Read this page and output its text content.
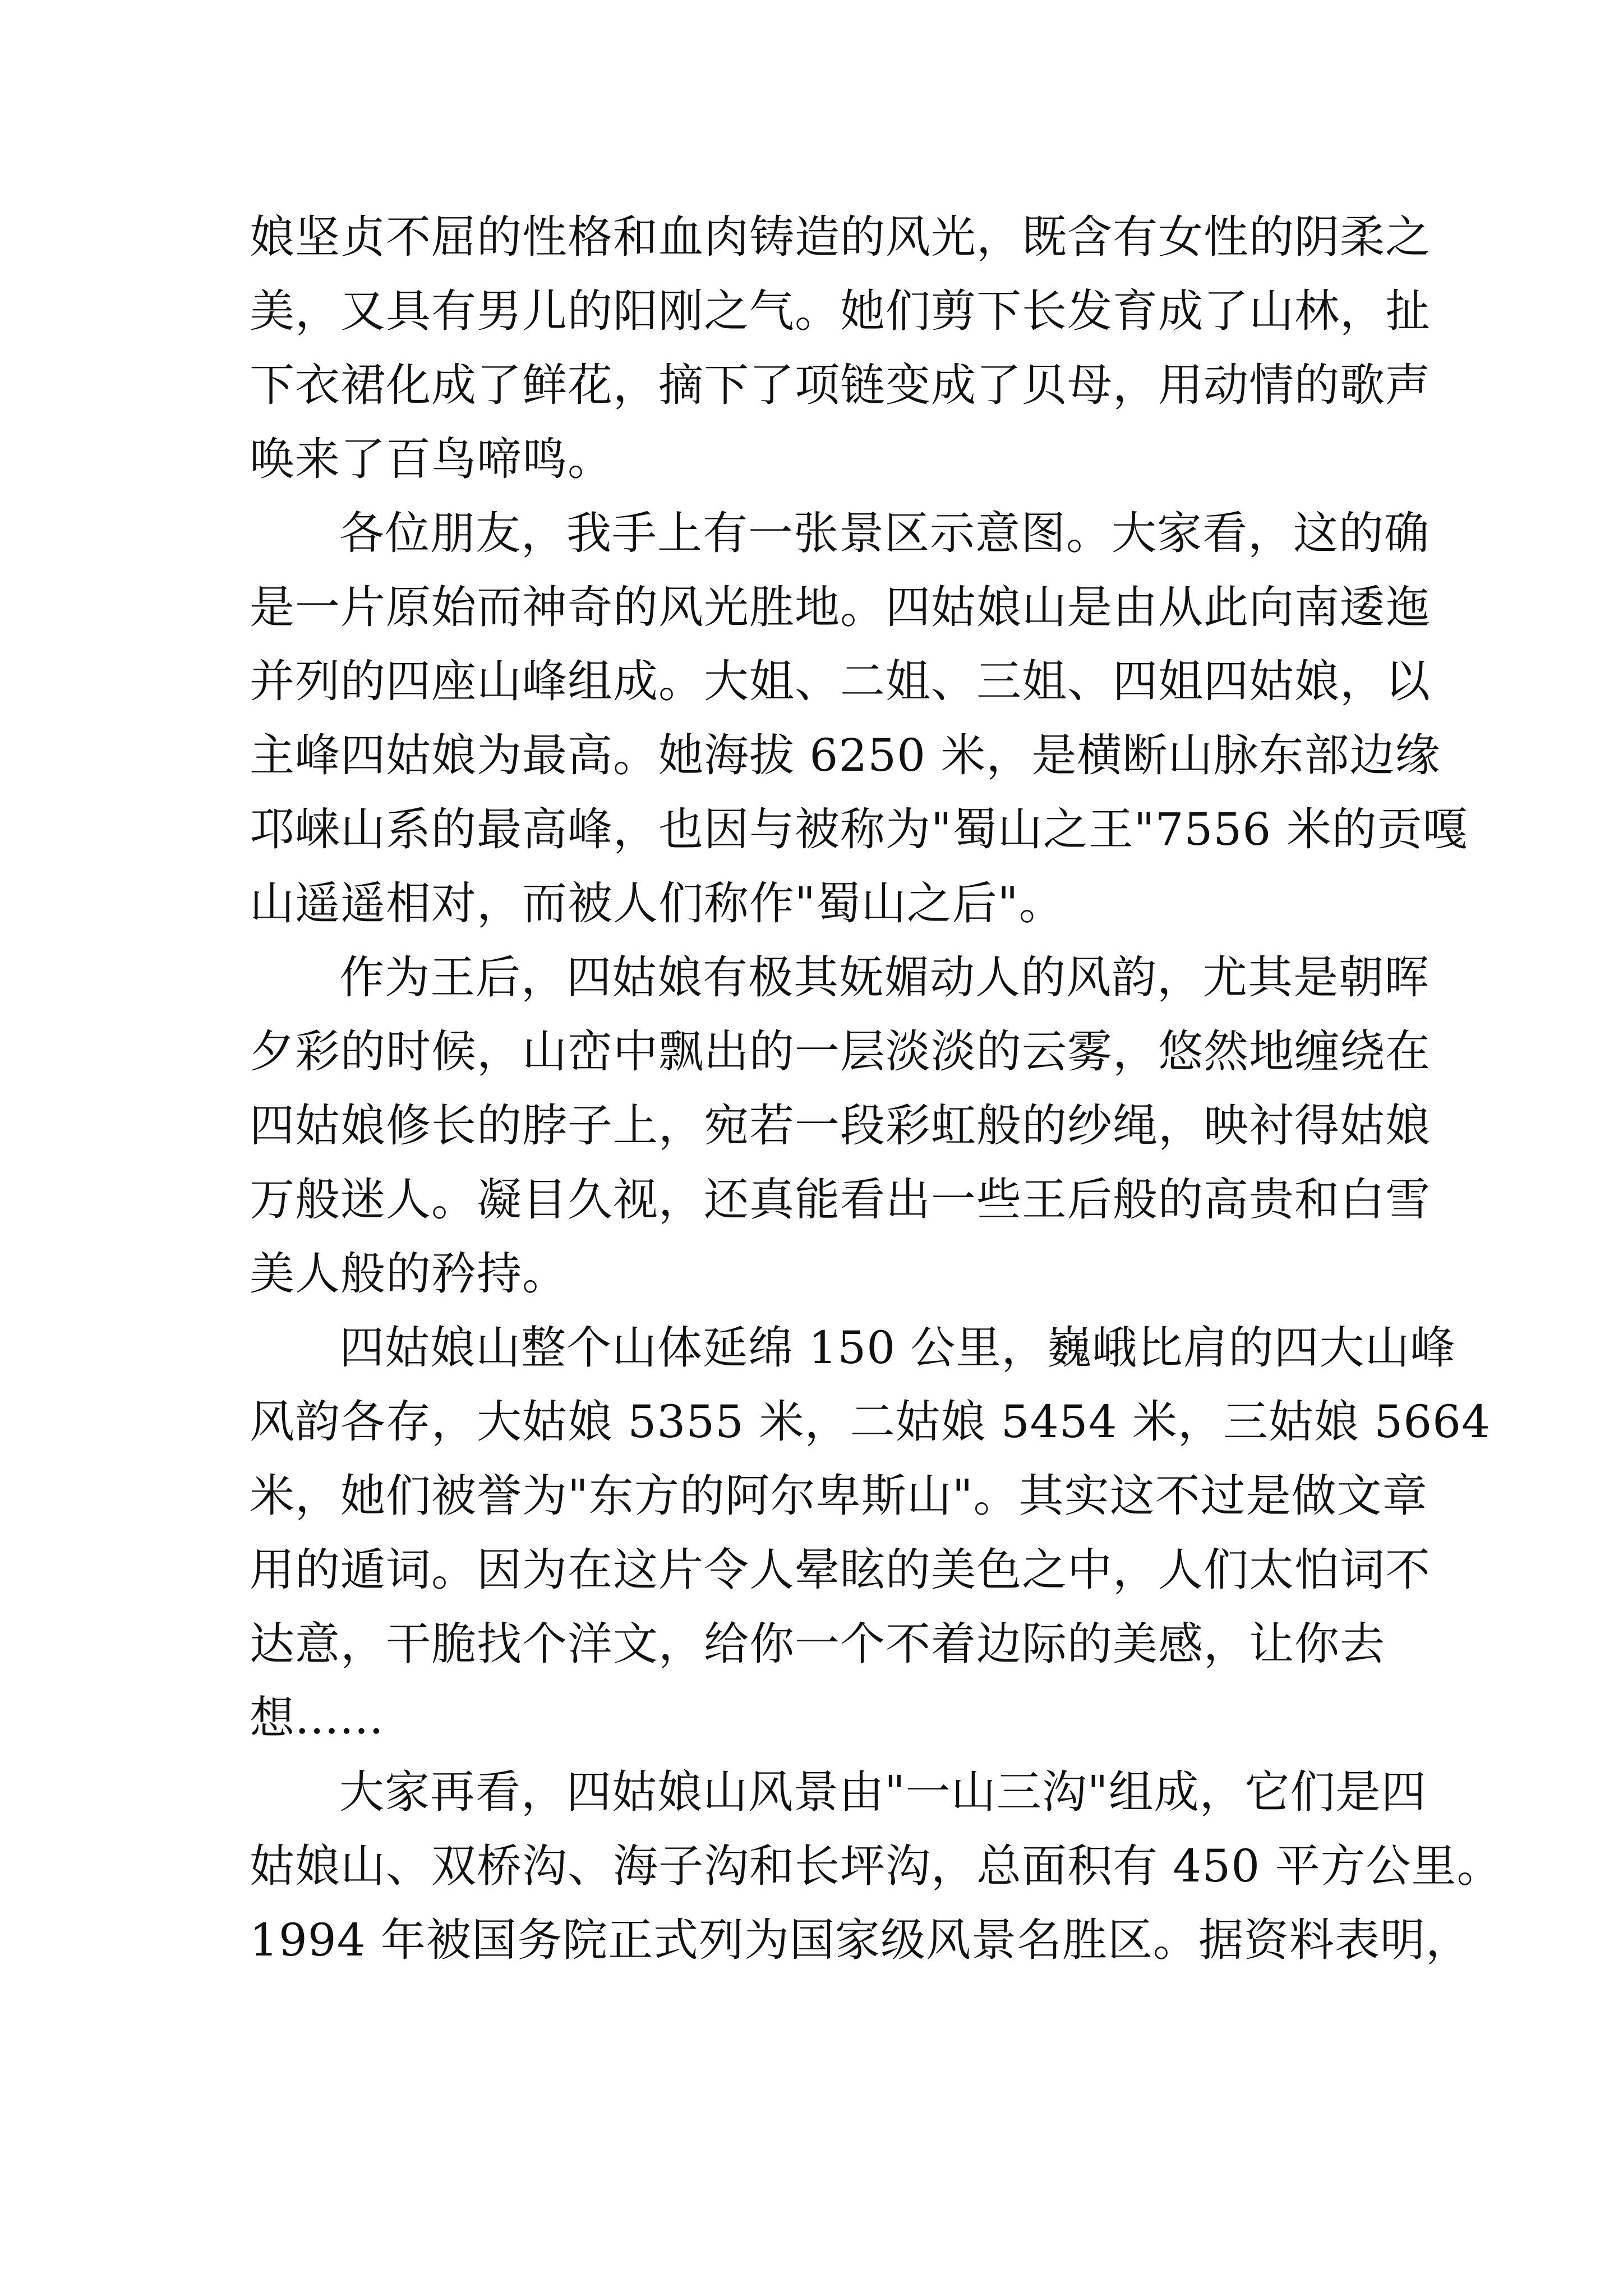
娘坚贞不屈的性格和血肉铸造的风光，既含有女性的阴柔之
美，又具有男儿的阳刚之气。她们剪下长发育成了山林，扯
下衣裙化成了鲜花，摘下了项链变成了贝母，用动情的歌声
唤来了百鸟啼鸣。
各位朋友，我手上有一张景区示意图。大家看，这的确
是一片原始而神奇的风光胜地。四姑娘山是由从此向南逶迤
并列的四座山峰组成。大姐、二姐、三姐、四姐四姑娘，以
主峰四姑娘为最高。她海拔 6250 米，是横断山脉东部边缘
邛崃山系的最高峰，也因与被称为"蜀山之王"7556 米的贡嘎
山遥遥相对，而被人们称作"蜀山之后"。
作为王后，四姑娘有极其妩媚动人的风韵，尤其是朝晖
夕彩的时候，山峦中飘出的一层淡淡的云雾，悠然地缠绕在
四姑娘修长的脖子上，宛若一段彩虹般的纱绳，映衬得姑娘
万般迷人。凝目久视，还真能看出一些王后般的高贵和白雪
美人般的矜持。
四姑娘山整个山体延绵 150 公里，巍峨比肩的四大山峰
风韵各存，大姑娘 5355 米，二姑娘 5454 米，三姑娘 5664
米，她们被誉为"东方的阿尔卑斯山"。其实这不过是做文章
用的遁词。因为在这片令人晕眩的美色之中，人们太怕词不
达意，干脆找个洋文，给你一个不着边际的美感，让你去
想......
大家再看，四姑娘山风景由"一山三沟"组成，它们是四
姑娘山、双桥沟、海子沟和长坪沟，总面积有 450 平方公里。
1994 年被国务院正式列为国家级风景名胜区。据资料表明，
